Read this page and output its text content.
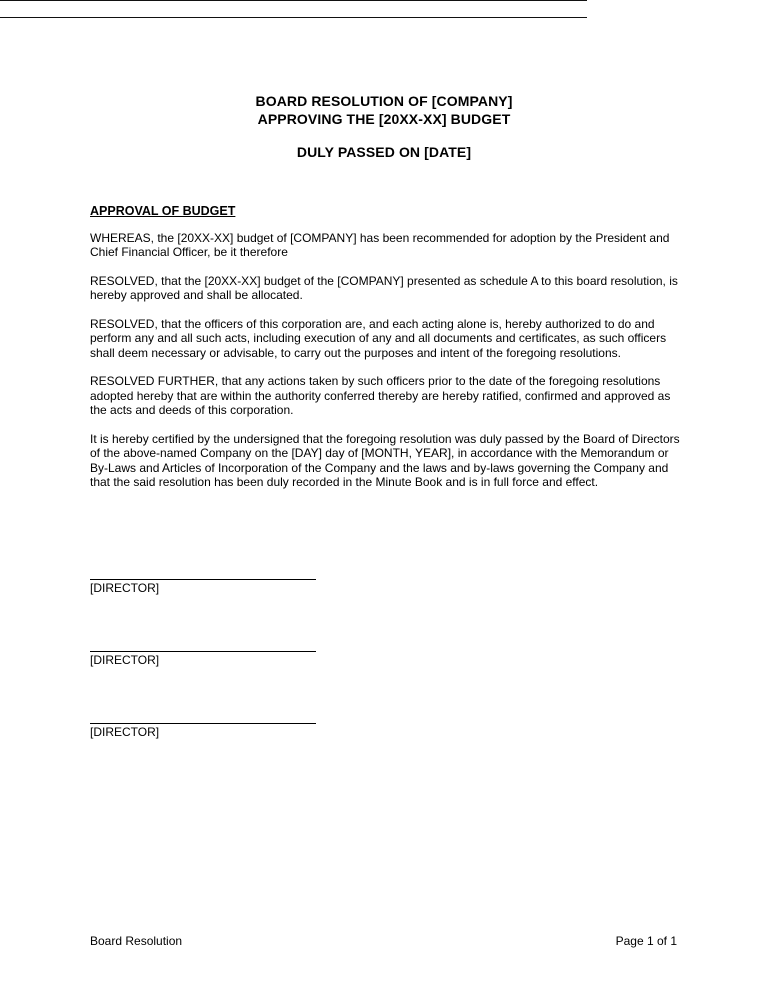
BOARD RESOLUTION OF [COMPANY]
APPROVING THE [20XX-XX] BUDGET
DULY PASSED ON [DATE]
APPROVAL OF BUDGET
WHEREAS, the [20XX-XX] budget of [COMPANY] has been recommended for adoption by the President and Chief Financial Officer, be it therefore
RESOLVED, that the [20XX-XX] budget of the [COMPANY] presented as schedule A to this board resolution, is hereby approved and shall be allocated.
RESOLVED, that the officers of this corporation are, and each acting alone is, hereby authorized to do and perform any and all such acts, including execution of any and all documents and certificates, as such officers shall deem necessary or advisable, to carry out the purposes and intent of the foregoing resolutions.
RESOLVED FURTHER, that any actions taken by such officers prior to the date of the foregoing resolutions adopted hereby that are within the authority conferred thereby are hereby ratified, confirmed and approved as the acts and deeds of this corporation.
It is hereby certified by the undersigned that the foregoing resolution was duly passed by the Board of Directors of the above-named Company on the [DAY] day of [MONTH, YEAR], in accordance with the Memorandum or By-Laws and Articles of Incorporation of the Company and the laws and by-laws governing the Company and that the said resolution has been duly recorded in the Minute Book and is in full force and effect.
[DIRECTOR]
[DIRECTOR]
[DIRECTOR]
Board Resolution	Page 1 of 1
